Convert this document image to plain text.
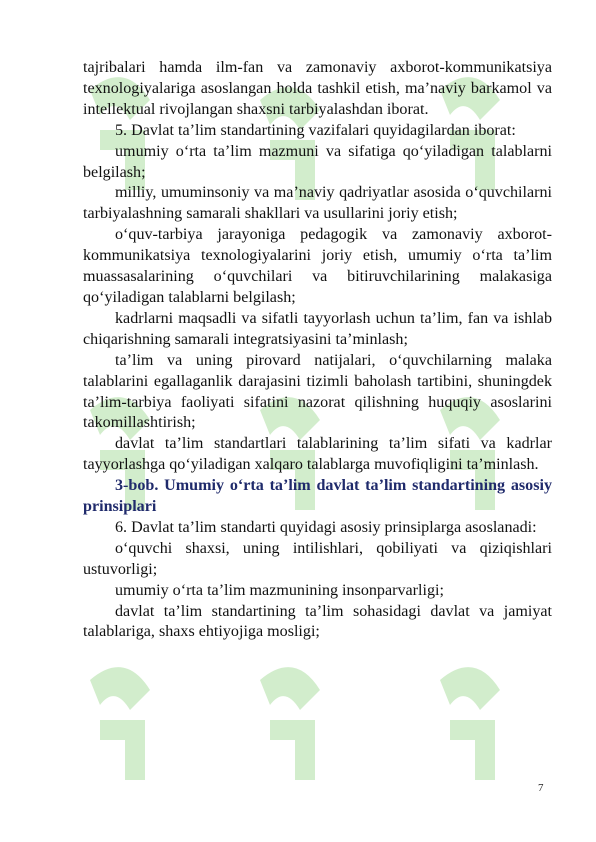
tajribalari hamda ilm-fan va zamonaviy axborot-kommunikatsiya texnologiyalariga asoslangan holda tashkil etish, ma’naviy barkamol va intellektual rivojlangan shaxsni tarbiyalashdan iborat.

5. Davlat ta’lim standartining vazifalari quyidagilardan iborat:

umumiy o‘rta ta’lim mazmuni va sifatiga qo‘yiladigan talablarni belgilash;

milliy, umuminsoniy va ma’naviy qadriyatlar asosida o‘quvchilarni tarbiyalashning samarali shakllari va usullarini joriy etish;

o‘quv-tarbiya jarayoniga pedagogik va zamonaviy axborot-kommunikatsiya texnologiyalarini joriy etish, umumiy o‘rta ta’lim muassasalarining o‘quvchilari va bitiruvchilarining malakasiga qo‘yiladigan talablarni belgilash;

kadrlarni maqsadli va sifatli tayyorlash uchun ta’lim, fan va ishlab chiqarishning samarali integratsiyasini ta’minlash;

ta’lim va uning pirovard natijalari, o‘quvchilarning malaka talablarini egallaganlik darajasini tizimli baholash tartibini, shuningdek ta’lim-tarbiya faoliyati sifatini nazorat qilishning huquqiy asoslarini takomillashtirish;

davlat ta’lim standartlari talablarining ta’lim sifati va kadrlar tayyorlashga qo‘yiladigan xalqaro talablarga muvofiqligini ta’minlash.

3-bob. Umumiy o‘rta ta’lim davlat ta’lim standartining asosiy prinsiplari

6. Davlat ta’lim standarti quyidagi asosiy prinsiplarga asoslanadi:

o‘quvchi shaxsi, uning intilishlari, qobiliyati va qiziqishlari ustuvorligi;

umumiy o‘rta ta’lim mazmunining insonparvarligi;

davlat ta’lim standartining ta’lim sohasidagi davlat va jamiyat talablariga, shaxs ehtiyojiga mosligi;

7
